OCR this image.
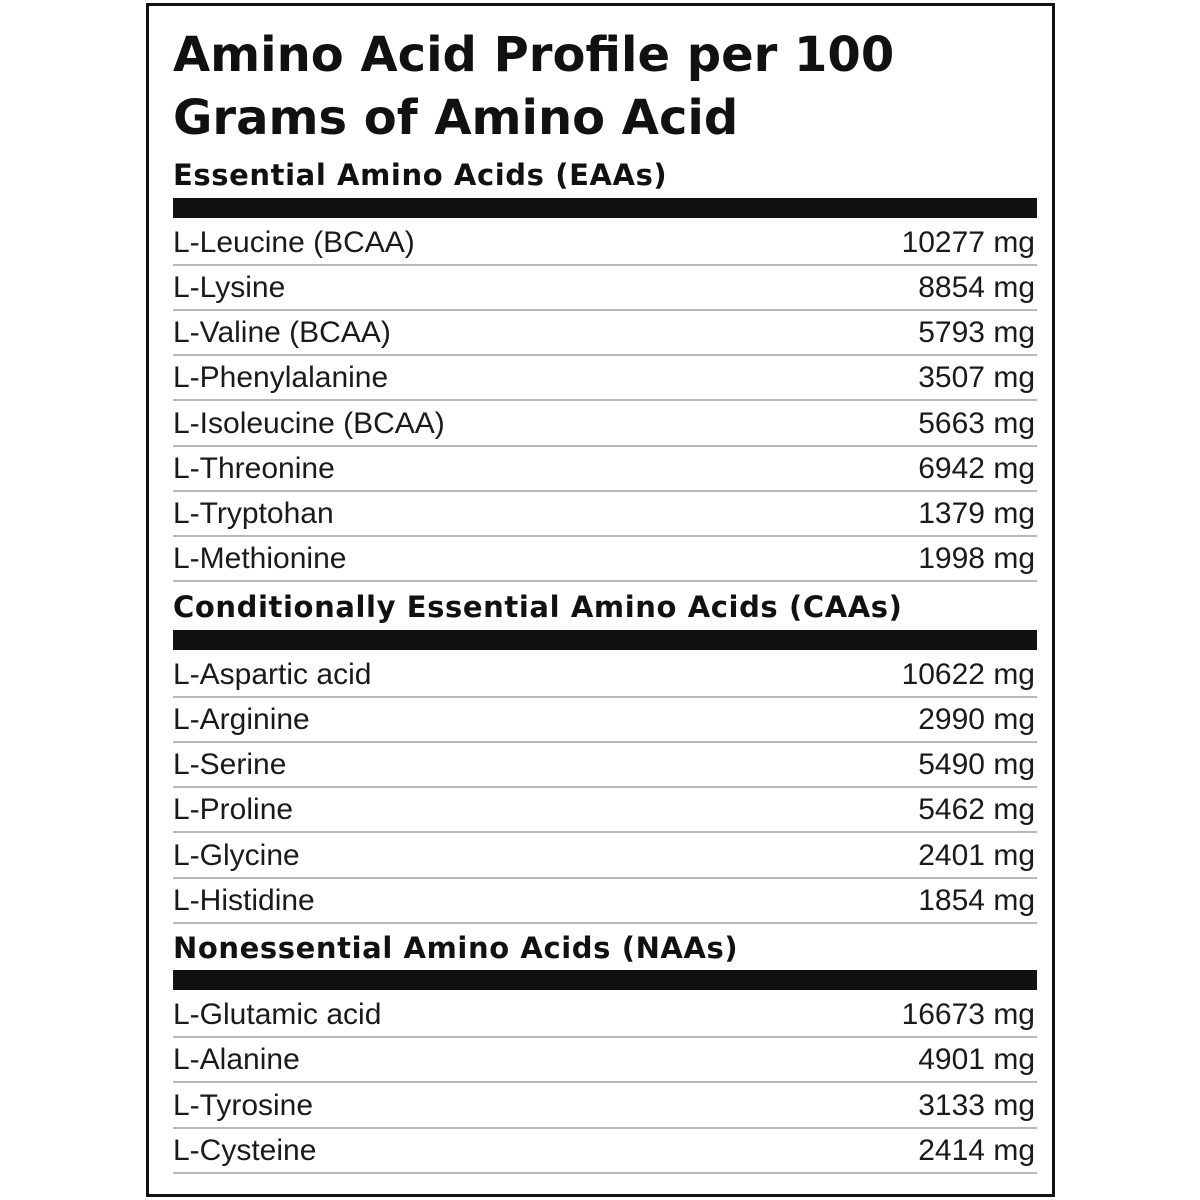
Amino Acid Profile per 100
Grams of Amino Acid
Essential Amino Acids (EAAs)
L-Leucine (BCAA)	10277 mg
L-Lysine	8854 mg
L-Valine (BCAA)	5793 mg
L-Phenylalanine	3507 mg
L-Isoleucine (BCAA)	5663 mg
L-Threonine	6942 mg
L-Tryptohan	1379 mg
L-Methionine	1998 mg
Conditionally Essential Amino Acids (CAAs)
L-Aspartic acid	10622 mg
L-Arginine	2990 mg
L-Serine	5490 mg
L-Proline	5462 mg
L-Glycine	2401 mg
L-Histidine	1854 mg
Nonessential Amino Acids (NAAs)
L-Glutamic acid	16673 mg
L-Alanine	4901 mg
L-Tyrosine	3133 mg
L-Cysteine	2414 mg
